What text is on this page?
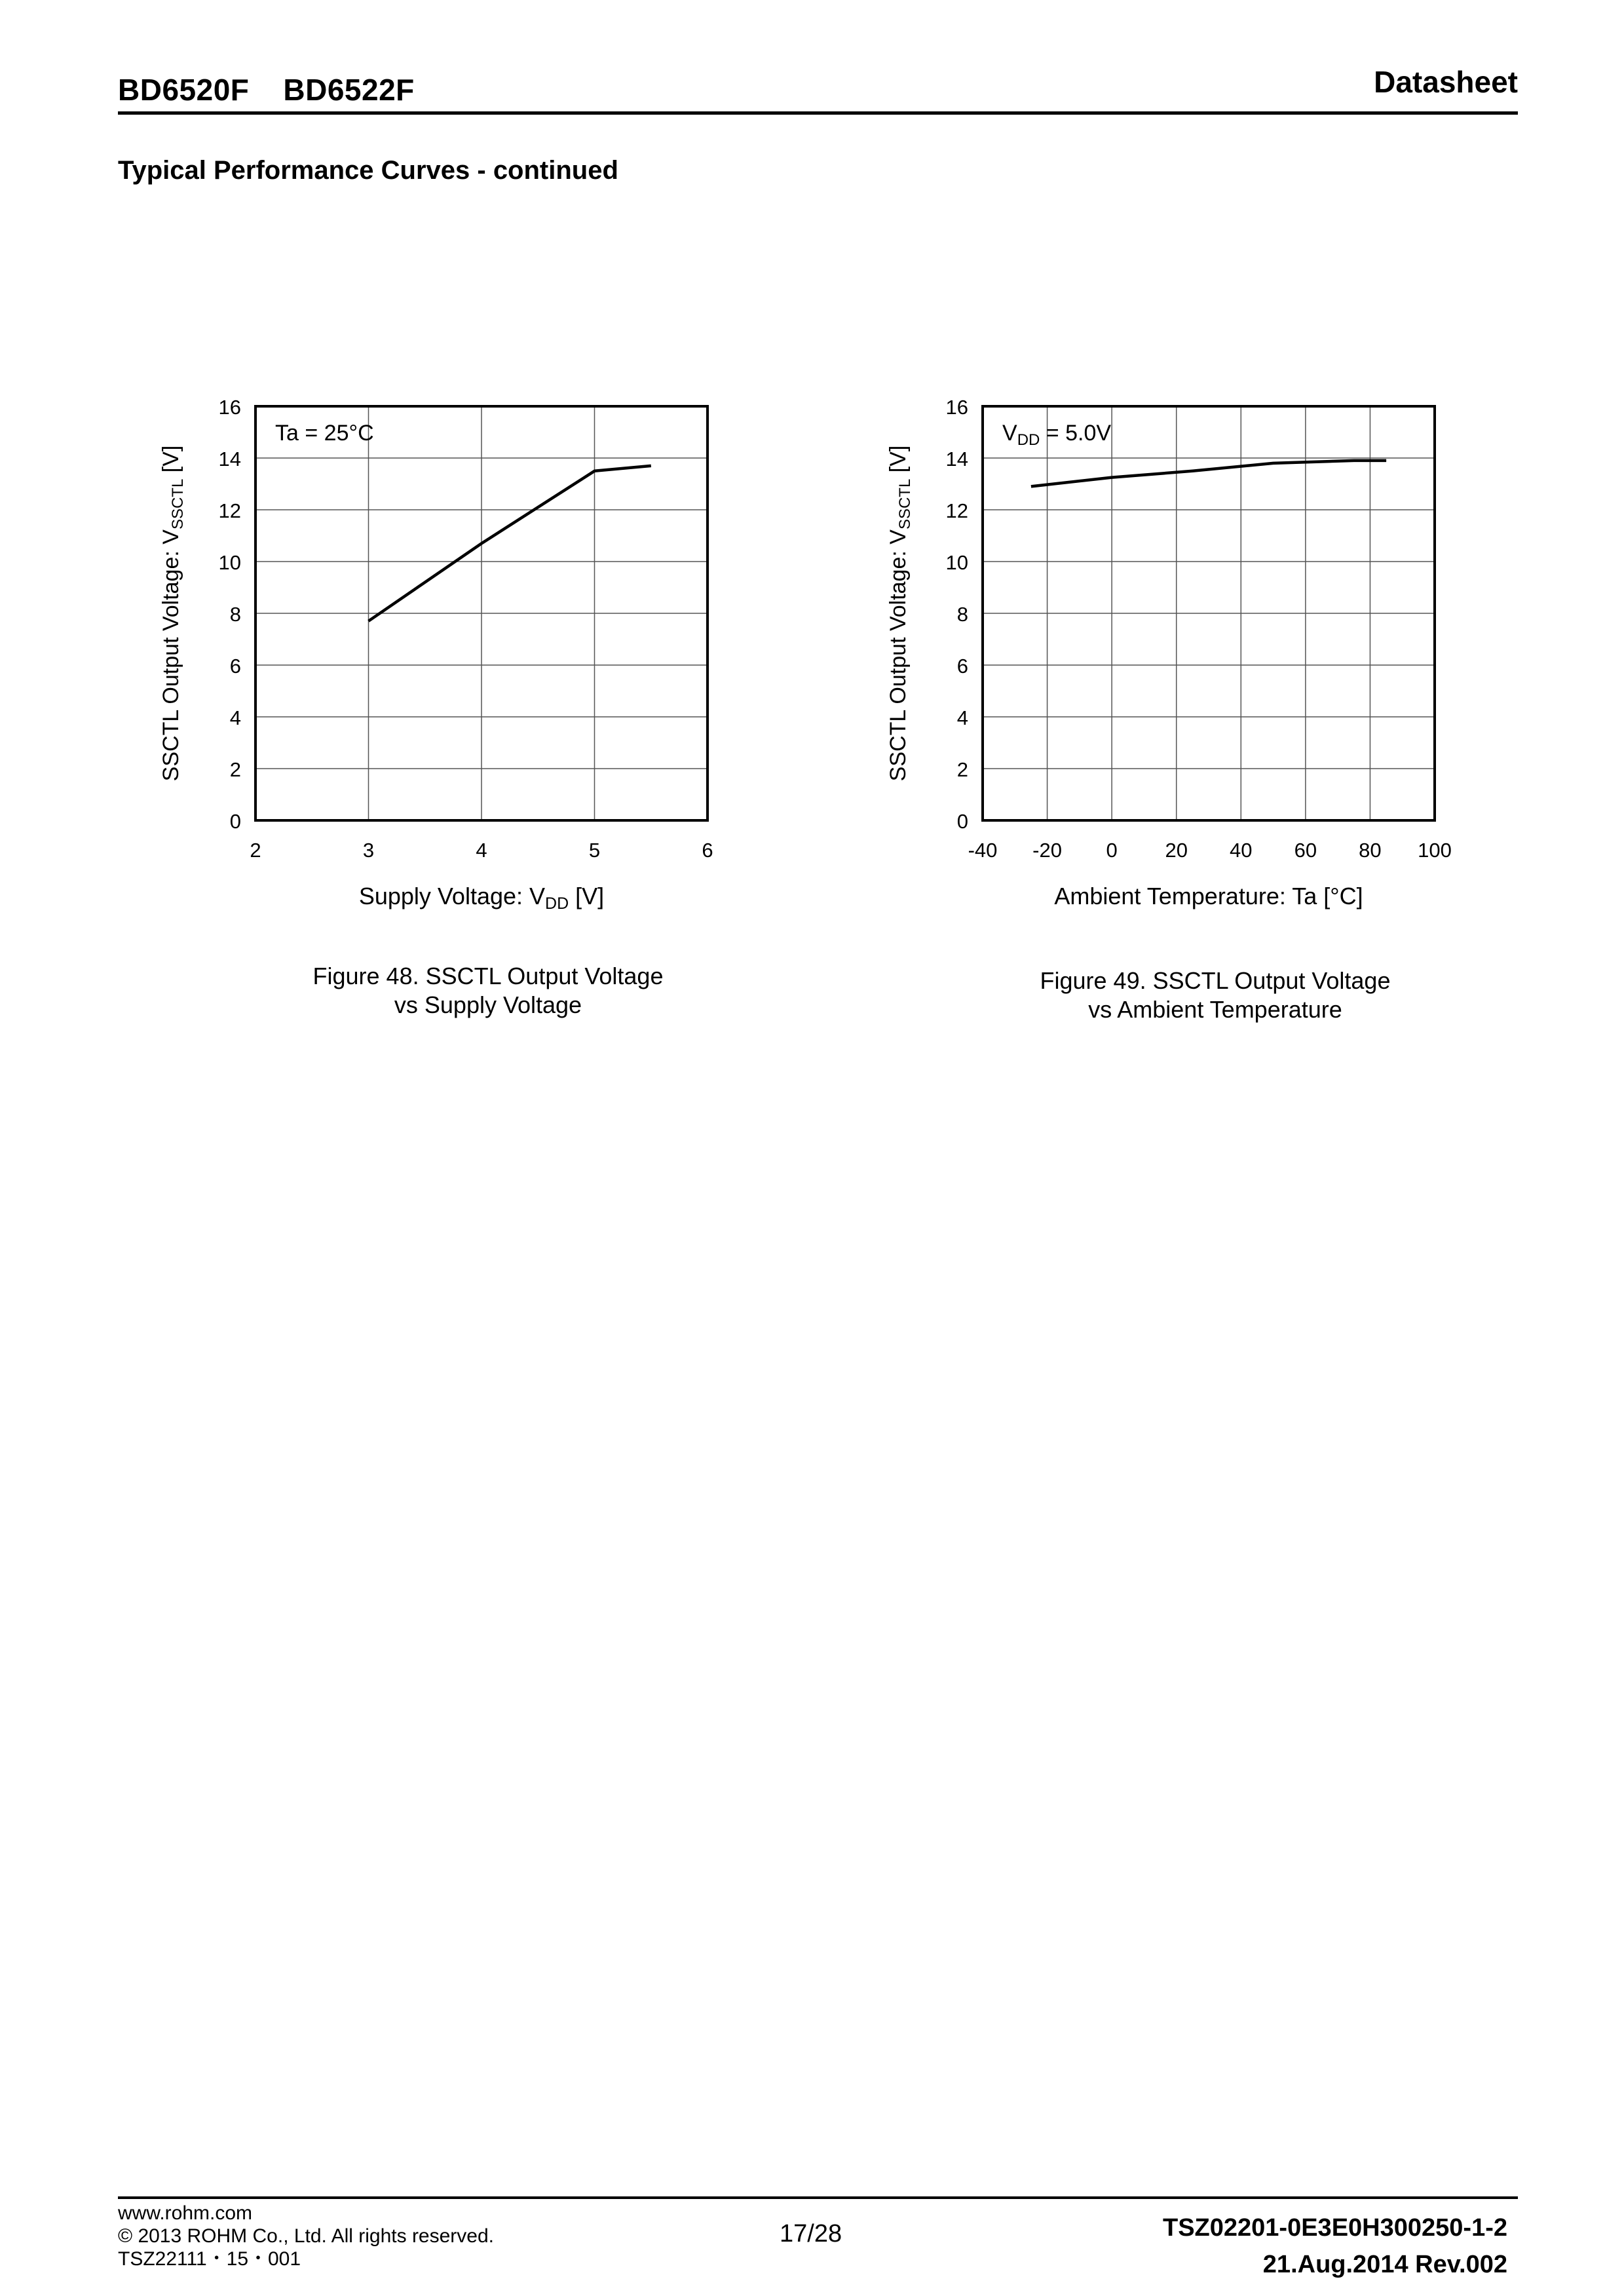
BD6520F BD6522F	Datasheet
Typical Performance Curves - continued
0
2
4
6
8
10
12
14
16
2	3	4	5	6
Ta = 25°C
SSCTL Output Voltage: $V_{SSCTL}$ [V]
Supply Voltage: VDD [V]
0
2
4
6
8
10
12
14
16
-40 -20 0 20 40 60 80 100
$V_{DD} = 5.0V$
SSCTL Output Voltage: $V_{SSCTL}$ [V]
Ambient Temperature: Ta [°C]
Figure 48. SSCTL Output Voltage
vs Supply Voltage
Figure 49. SSCTL Output Voltage
vs Ambient Temperature
www.rohm.com
© 2013 ROHM Co., Ltd. All rights reserved.
TSZ22111・15・001
17/28	TSZ02201-0E3E0H300250-1-2
21.Aug.2014 Rev.002
